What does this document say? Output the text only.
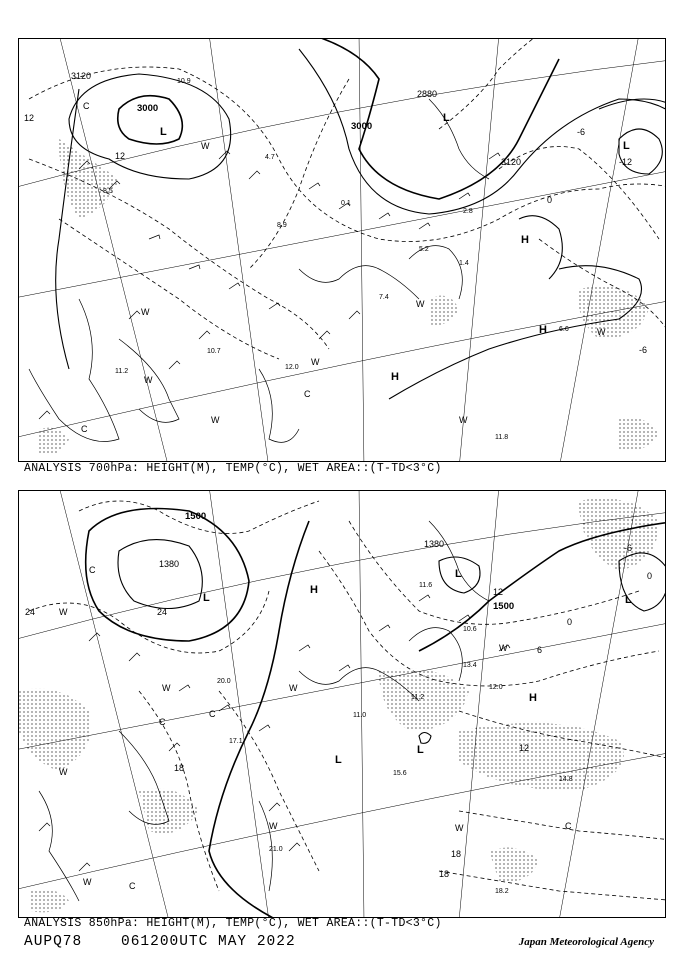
3120
3000
3000
2880
3120
12
12
-6
-12
0
-6
L
L
L
H
H
H
C
W
W
W
W
W
C
C
W	W
W
10.9
8.5
4.7
12.0
5.2
2.8
8.9
0.1
7.4
11.2
1.4
6.6
10.7
11.8
ANALYSIS 700hPa: HEIGHT(M), TEMP(°C), WET AREA::(T-TD<3°C)
1500
1380
1380
1500
24	24
18
12
6
0
-6
0
12
18
18
L
H
L
L
L
H
L
C
W
C
W
C
W
C
W
W	C
W
W
W
11.6
20.0
10.6
15.6
21.0
17.1
11.2
14.8
18.2
11.0
13.4
12.0
ANALYSIS 850hPa: HEIGHT(M), TEMP(°C), WET AREA::(T-TD<3°C)
AUPQ78    061200UTC MAY 2022	Japan Meteorological Agency
